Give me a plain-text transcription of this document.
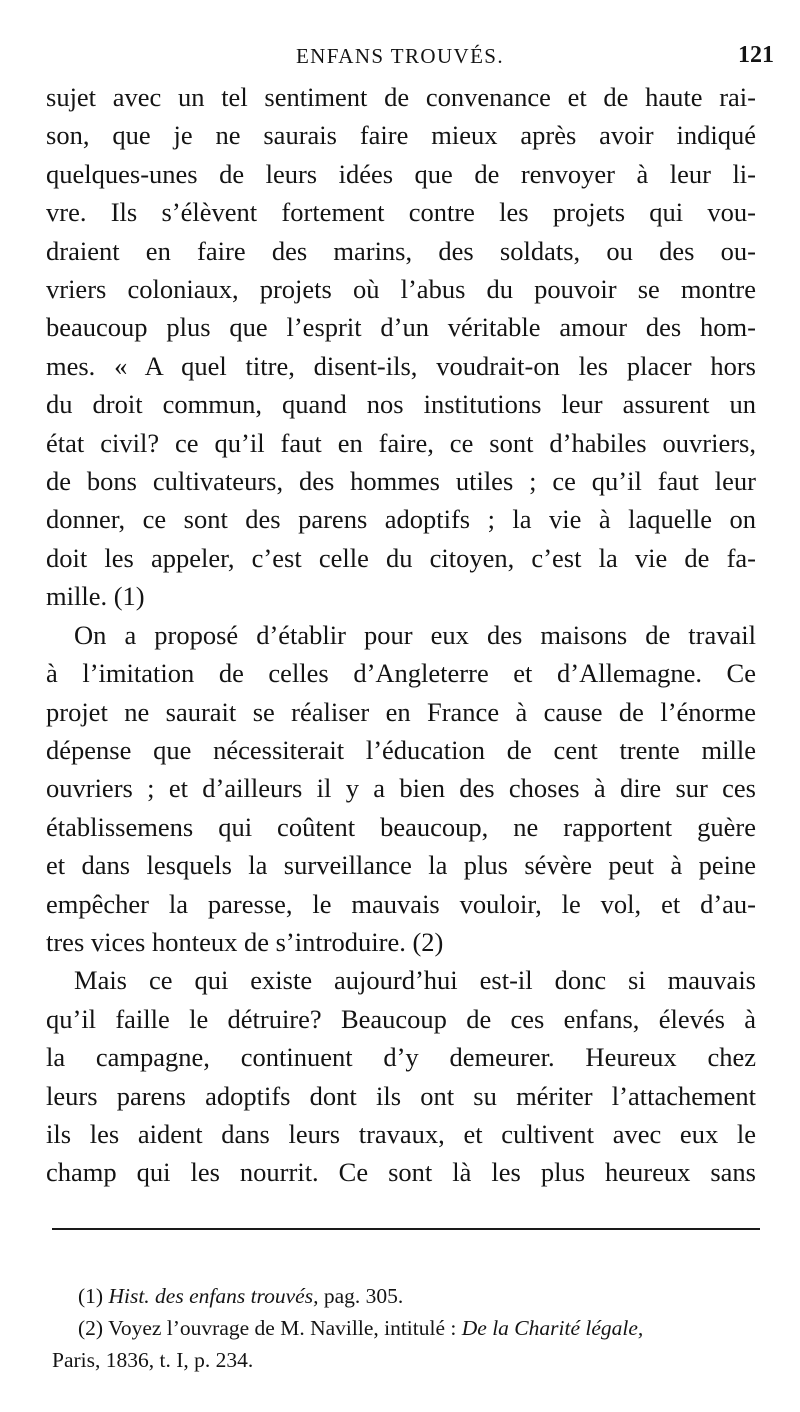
ENFANS TROUVÉS.	121
sujet avec un tel sentiment de convenance et de haute rai-
son, que je ne saurais faire mieux après avoir indiqué
quelques-unes de leurs idées que de renvoyer à leur li-
vre. Ils s’élèvent fortement contre les projets qui vou-
draient en faire des marins, des soldats, ou des ou-
vriers coloniaux, projets où l’abus du pouvoir se montre
beaucoup plus que l’esprit d’un véritable amour des hom-
mes. « A quel titre, disent-ils, voudrait-on les placer hors
du droit commun, quand nos institutions leur assurent un
état civil? ce qu’il faut en faire, ce sont d’habiles ouvriers,
de bons cultivateurs, des hommes utiles ; ce qu’il faut leur
donner, ce sont des parens adoptifs ; la vie à laquelle on
doit les appeler, c’est celle du citoyen, c’est la vie de fa-
mille. (1)
On a proposé d’établir pour eux des maisons de travail
à l’imitation de celles d’Angleterre et d’Allemagne. Ce
projet ne saurait se réaliser en France à cause de l’énorme
dépense que nécessiterait l’éducation de cent trente mille
ouvriers ; et d’ailleurs il y a bien des choses à dire sur ces
établissemens qui coûtent beaucoup, ne rapportent guère
et dans lesquels la surveillance la plus sévère peut à peine
empêcher la paresse, le mauvais vouloir, le vol, et d’au-
tres vices honteux de s’introduire. (2)
Mais ce qui existe aujourd’hui est-il donc si mauvais
qu’il faille le détruire? Beaucoup de ces enfans, élevés à
la campagne, continuent d’y demeurer. Heureux chez
leurs parens adoptifs dont ils ont su mériter l’attachement
ils les aident dans leurs travaux, et cultivent avec eux le
champ qui les nourrit. Ce sont là les plus heureux sans
(1) Hist. des enfans trouvés, pag. 305.
(2) Voyez l’ouvrage de M. Naville, intitulé : De la Charité légale,
Paris, 1836, t. I, p. 234.
